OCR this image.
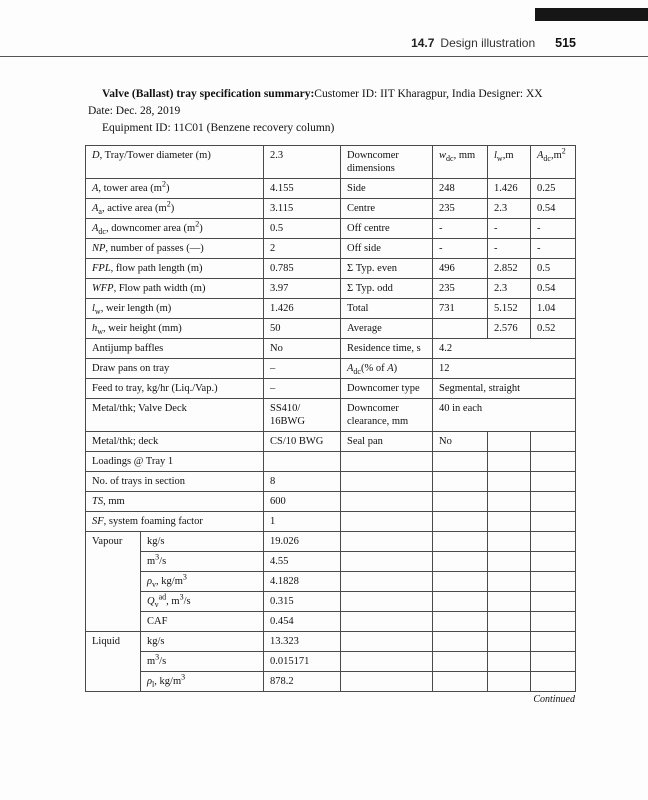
14.7 Design illustration 515

Valve (Ballast) tray specification summary:Customer ID: IIT Kharagpur, India Designer: XX
Date: Dec. 28, 2019

Equipment ID: 11C01 (Benzene recovery column)

D, Tray/Tower diameter (m)		2.3	Downcomer dimensions	$w_{dc}$, mm	$l_w,m$	$A_{dc},m^2$
A, tower area $(m^2)$		4.155	Side	248	1.426	0.25
$A_a$, active area $(m^2)$		3.115	Centre	235	2.3	0.54
$A_{dc}$, downcomer area $(m^2)$		0.5	Off centre	-	-	-
NP, number of passes (—)		2	Off side	-	-	-
FPL, flow path length (m)		0.785	Σ Typ. even	496	2.852	0.5
WFP, Flow path width (m)		3.97	Σ Typ. odd	235	2.3	0.54
$l_w$, weir length (m)		1.426	Total	731	5.152	1.04
$h_w$, weir height (mm)		50	Average		2.576	0.52
Antijump baffles		No	Residence time, s	4.2		
Draw pans on tray		–	$A_{dc}(\%$ of A)	12		
Feed to tray, kg/hr (Liq./Vap.)		–	Downcomer type	Segmental, straight		
Metal/thk; Valve Deck		SS410/
16BWG	Downcomer clearance, mm	40 in each		
Metal/thk; deck		CS/10 BWG	Seal pan	No		
Loadings @ Tray 1						
No. of trays in section		8				
TS, mm		600				
SF, system foaming factor		1				
Vapour	kg/s	19.026				
	$m^3/s$	4.55				
	$\rho_v$, $kg/m^3$	4.1828				
	$Q_v^{ad}$, $m^3/s$	0.315				
	CAF	0.454				
Liquid	kg/s	13.323				
	$m^3/s$	0.015171				
	$\rho_l$, $kg/m^3$	878.2				
Continued
